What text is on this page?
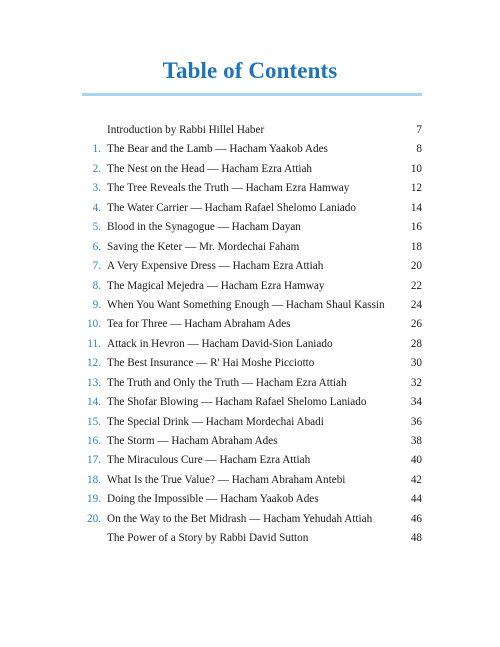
Table of Contents
Introduction by Rabbi Hillel Haber	7
1. The Bear and the Lamb — Hacham Yaakob Ades	8
2. The Nest on the Head — Hacham Ezra Attiah	10
3. The Tree Reveals the Truth — Hacham Ezra Hamway	12
4. The Water Carrier — Hacham Rafael Shelomo Laniado	14
5. Blood in the Synagogue — Hacham Dayan	16
6. Saving the Keter — Mr. Mordechai Faham	18
7. A Very Expensive Dress — Hacham Ezra Attiah	20
8. The Magical Mejedra — Hacham Ezra Hamway	22
9. When You Want Something Enough — Hacham Shaul Kassin 24
10. Tea for Three — Hacham Abraham Ades	26
11. Attack in Hevron — Hacham David-Sion Laniado	28
12. The Best Insurance — R' Hai Moshe Picciotto	30
13. The Truth and Only the Truth — Hacham Ezra Attiah	32
14. The Shofar Blowing — Hacham Rafael Shelomo Laniado	34
15. The Special Drink — Hacham Mordechai Abadi	36
16. The Storm — Hacham Abraham Ades	38
17. The Miraculous Cure — Hacham Ezra Attiah	40
18. What Is the True Value? — Hacham Abraham Antebi	42
19. Doing the Impossible — Hacham Yaakob Ades	44
20. On the Way to the Bet Midrash — Hacham Yehudah Attiah	46
The Power of a Story by Rabbi David Sutton	48
